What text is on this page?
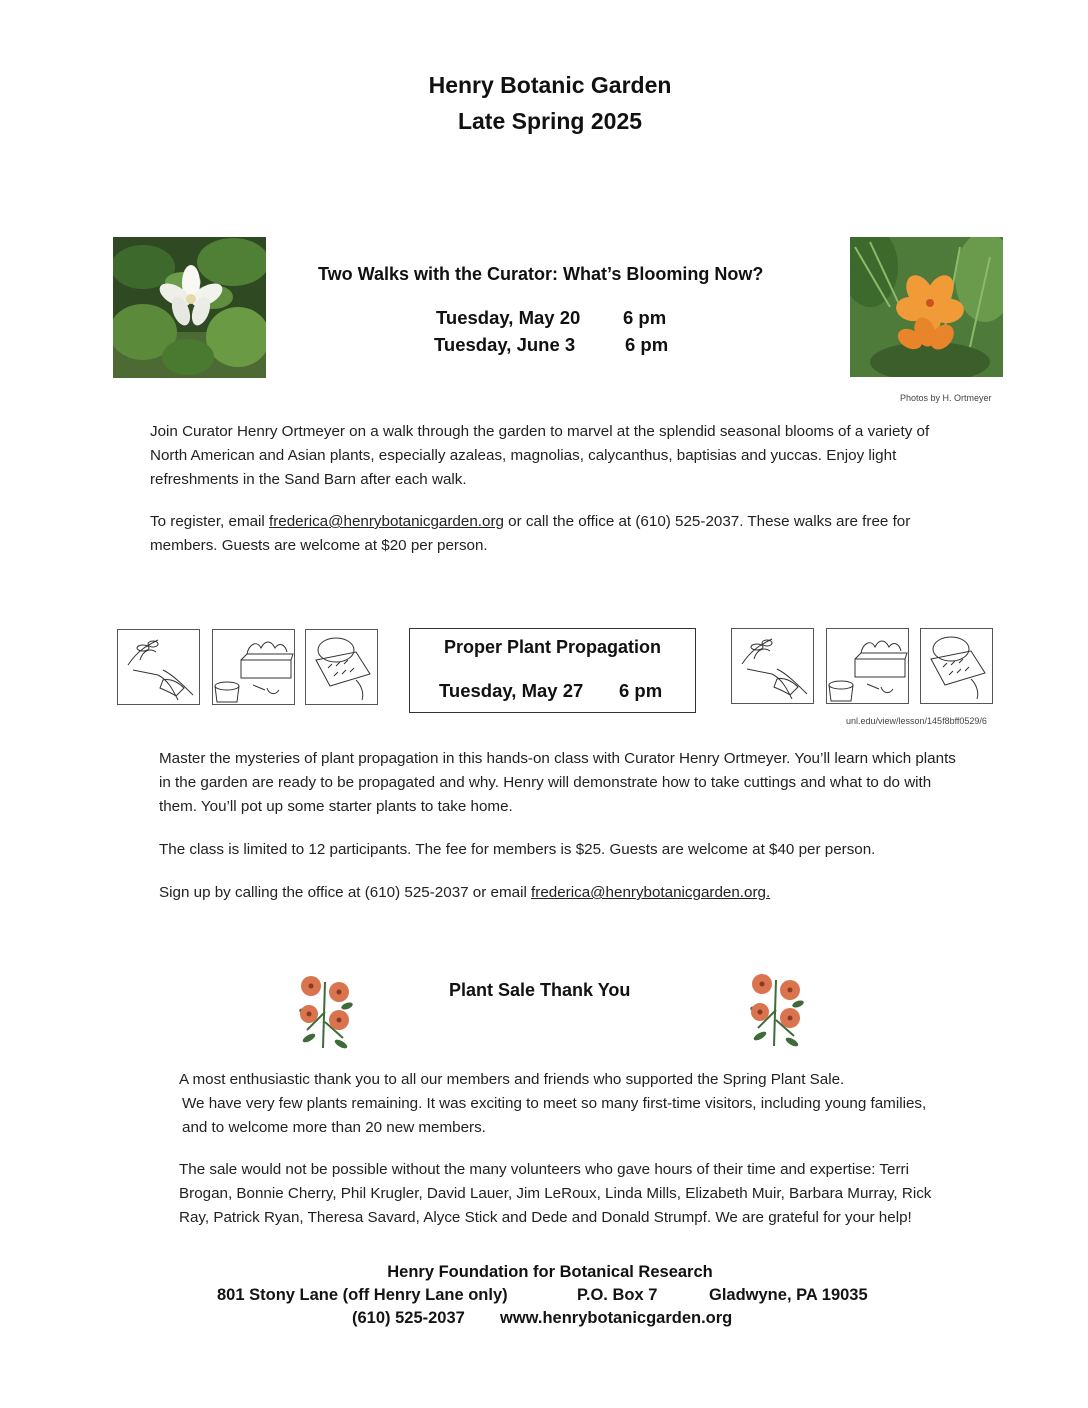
Henry Botanic Garden
Late Spring 2025
Two Walks with the Curator: What’s Blooming Now?
Tuesday, May 20 6 pm
Tuesday, June 3	6 pm
Photos by H. Ortmeyer

Join Curator Henry Ortmeyer on a walk through the garden to marvel at the splendid seasonal blooms of a variety of North American and Asian plants, especially azaleas, magnolias, calycanthus, baptisias and yuccas. Enjoy light refreshments in the Sand Barn after each walk.

To register, email frederica@henrybotanicgarden.org or call the office at (610) 525-2037. These walks are free for members. Guests are welcome at $20 per person.

Proper Plant Propagation
Tuesday, May 27 6 pm
unl.edu/view/lesson/145f8bff0529/6

Master the mysteries of plant propagation in this hands-on class with Curator Henry Ortmeyer. You’ll learn which plants in the garden are ready to be propagated and why. Henry will demonstrate how to take cuttings and what to do with them. You’ll pot up some starter plants to take home.

The class is limited to 12 participants. The fee for members is $25. Guests are welcome at $40 per person.

Sign up by calling the office at (610) 525-2037 or email frederica@henrybotanicgarden.org.

Plant Sale Thank You

A most enthusiastic thank you to all our members and friends who supported the Spring Plant Sale.

We have very few plants remaining. It was exciting to meet so many first-time visitors, including young families, and to welcome more than 20 new members.

The sale would not be possible without the many volunteers who gave hours of their time and expertise: Terri Brogan, Bonnie Cherry, Phil Krugler, David Lauer, Jim LeRoux, Linda Mills, Elizabeth Muir, Barbara Murray, Rick Ray, Patrick Ryan, Theresa Savard, Alyce Stick and Dede and Donald Strumpf. We are grateful for your help!

Henry Foundation for Botanical Research
801 Stony Lane (off Henry Lane only)	P.O. Box 7	Gladwyne, PA 19035
(610) 525-2037 www.henrybotanicgarden.org
